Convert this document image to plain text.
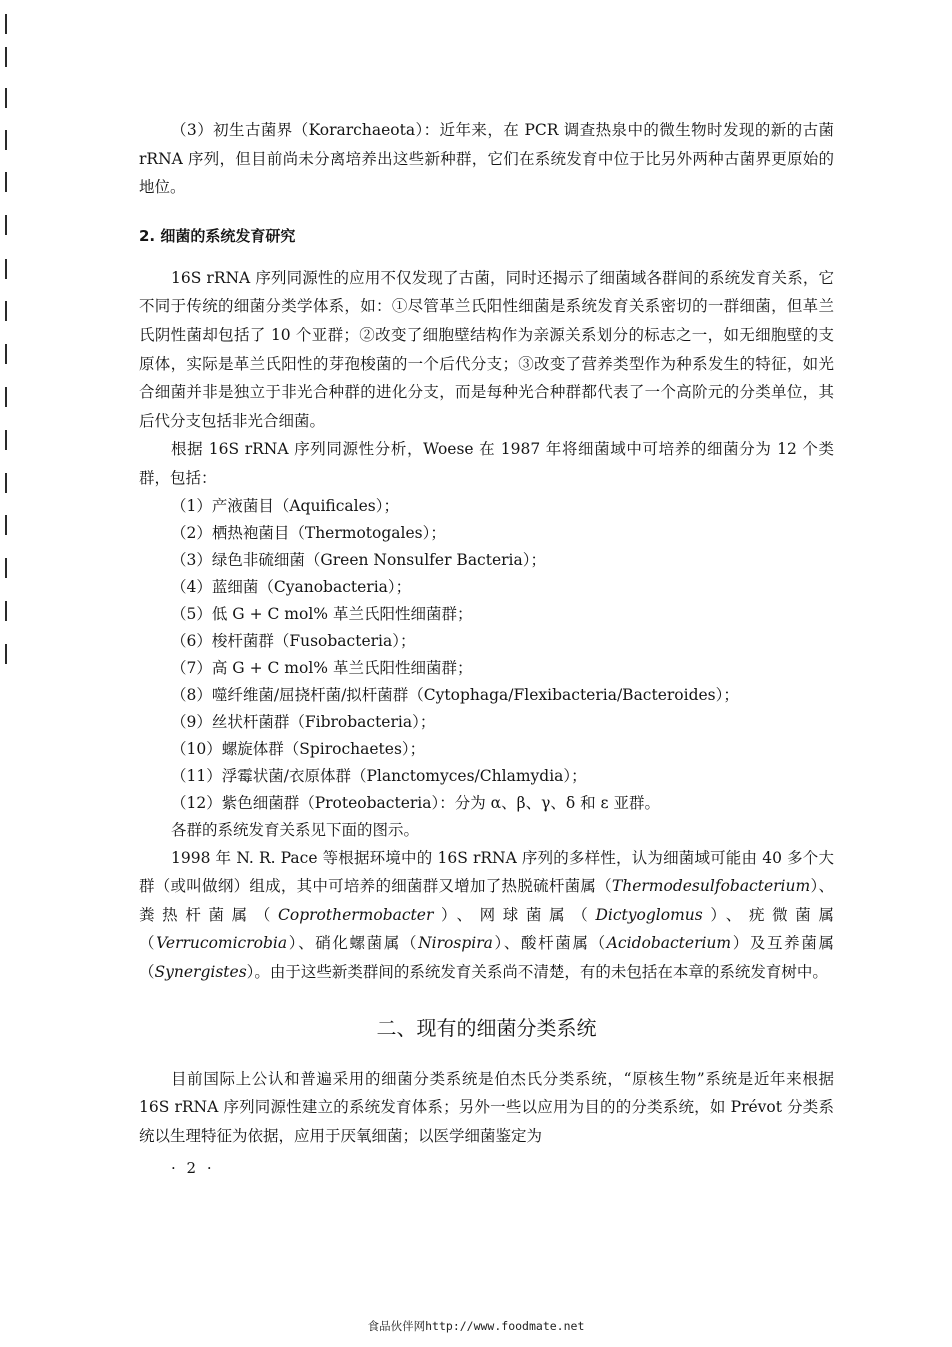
（3）初生古菌界（Korarchaeota）：近年来，在 PCR 调查热泉中的微生物时发现的新的古菌 rRNA 序列，但目前尚未分离培养出这些新种群，它们在系统发育中位于比另外两种古菌界更原始的地位。

2. 细菌的系统发育研究

16S rRNA 序列同源性的应用不仅发现了古菌，同时还揭示了细菌域各群间的系统发育关系，它不同于传统的细菌分类学体系，如：①尽管革兰氏阳性细菌是系统发育关系密切的一群细菌，但革兰氏阴性菌却包括了 10 个亚群；②改变了细胞壁结构作为亲源关系划分的标志之一，如无细胞壁的支原体，实际是革兰氏阳性的芽孢梭菌的一个后代分支；③改变了营养类型作为种系发生的特征，如光合细菌并非是独立于非光合种群的进化分支，而是每种光合种群都代表了一个高阶元的分类单位，其后代分支包括非光合细菌。

根据 16S rRNA 序列同源性分析，Woese 在 1987 年将细菌域中可培养的细菌分为 12 个类群，包括：

（1）产液菌目（Aquificales）；
（2）栖热袍菌目（Thermotogales）；
（3）绿色非硫细菌（Green Nonsulfer Bacteria）；
（4）蓝细菌（Cyanobacteria）；
（5）低 G + C mol% 革兰氏阳性细菌群；
（6）梭杆菌群（Fusobacteria）；
（7）高 G + C mol% 革兰氏阳性细菌群；
（8）噬纤维菌/屈挠杆菌/拟杆菌群（Cytophaga/Flexibacteria/Bacteroides）；
（9）丝状杆菌群（Fibrobacteria）；
（10）螺旋体群（Spirochaetes）；
（11）浮霉状菌/衣原体群（Planctomyces/Chlamydia）；
（12）紫色细菌群（Proteobacteria）：分为 α、β、γ、δ 和 ε 亚群。
各群的系统发育关系见下面的图示。

1998 年 N. R. Pace 等根据环境中的 16S rRNA 序列的多样性，认为细菌域可能由 40 多个大群（或叫做纲）组成，其中可培养的细菌群又增加了热脱硫杆菌属（Thermodesulfobacterium）、粪热杆菌属（Coprothermobacter）、网球菌属（Dictyoglomus）、疣微菌属（Verrucomicrobia）、硝化螺菌属（Nirospira）、酸杆菌属（Acidobacterium）及互养菌属（Synergistes）。由于这些新类群间的系统发育关系尚不清楚，有的未包括在本章的系统发育树中。

二、现有的细菌分类系统

目前国际上公认和普遍采用的细菌分类系统是伯杰氏分类系统，“原核生物”系统是近年来根据 16S rRNA 序列同源性建立的系统发育体系；另外一些以应用为目的的分类系统，如 Prévot 分类系统以生理特征为依据，应用于厌氧细菌；以医学细菌鉴定为

· 2 ·

食品伙伴网http://www.foodmate.net
